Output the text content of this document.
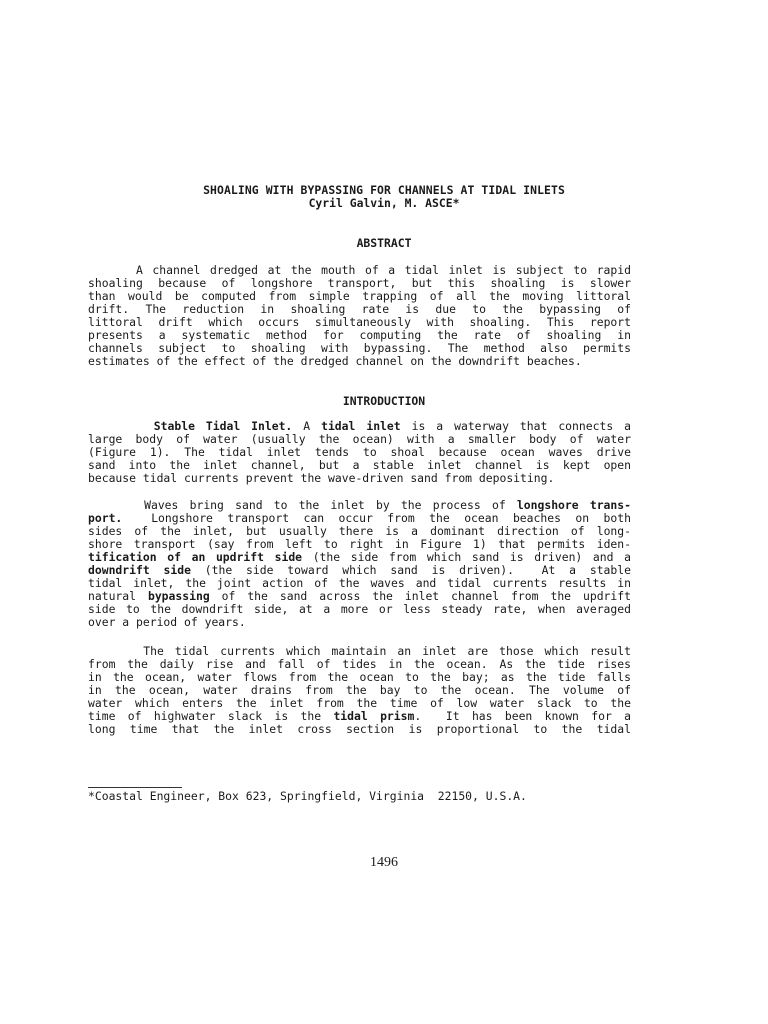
SHOALING WITH BYPASSING FOR CHANNELS AT TIDAL INLETS
Cyril Galvin, M. ASCE*
ABSTRACT
A channel dredged at the mouth of a tidal inlet is subject to rapid
shoaling because of longshore transport, but this shoaling is slower
than would be computed from simple trapping of all the moving littoral
drift. The reduction in shoaling rate is due to the bypassing of
littoral drift which occurs simultaneously with shoaling. This report
presents a systematic method for computing the rate of shoaling in
channels subject to shoaling with bypassing. The method also permits
estimates of the effect of the dredged channel on the downdrift beaches.
INTRODUCTION
Stable Tidal Inlet. A tidal inlet is a waterway that connects a
large body of water (usually the ocean) with a smaller body of water
(Figure 1). The tidal inlet tends to shoal because ocean waves drive
sand into the inlet channel, but a stable inlet channel is kept open
because tidal currents prevent the wave-driven sand from depositing.
Waves bring sand to the inlet by the process of longshore trans-
port.  Longshore transport can occur from the ocean beaches on both
sides of the inlet, but usually there is a dominant direction of long-
shore transport (say from left to right in Figure 1) that permits iden-
tification of an updrift side (the side from which sand is driven) and a
downdrift side (the side toward which sand is driven).  At a stable
tidal inlet, the joint action of the waves and tidal currents results in
natural bypassing of the sand across the inlet channel from the updrift
side to the downdrift side, at a more or less steady rate, when averaged
over a period of years.
The tidal currents which maintain an inlet are those which result
from the daily rise and fall of tides in the ocean. As the tide rises
in the ocean, water flows from the ocean to the bay; as the tide falls
in the ocean, water drains from the bay to the ocean. The volume of
water which enters the inlet from the time of low water slack to the
time of highwater slack is the tidal prism.  It has been known for a
long time that the inlet cross section is proportional to the tidal
*Coastal Engineer, Box 623, Springfield, Virginia  22150, U.S.A.
1496
